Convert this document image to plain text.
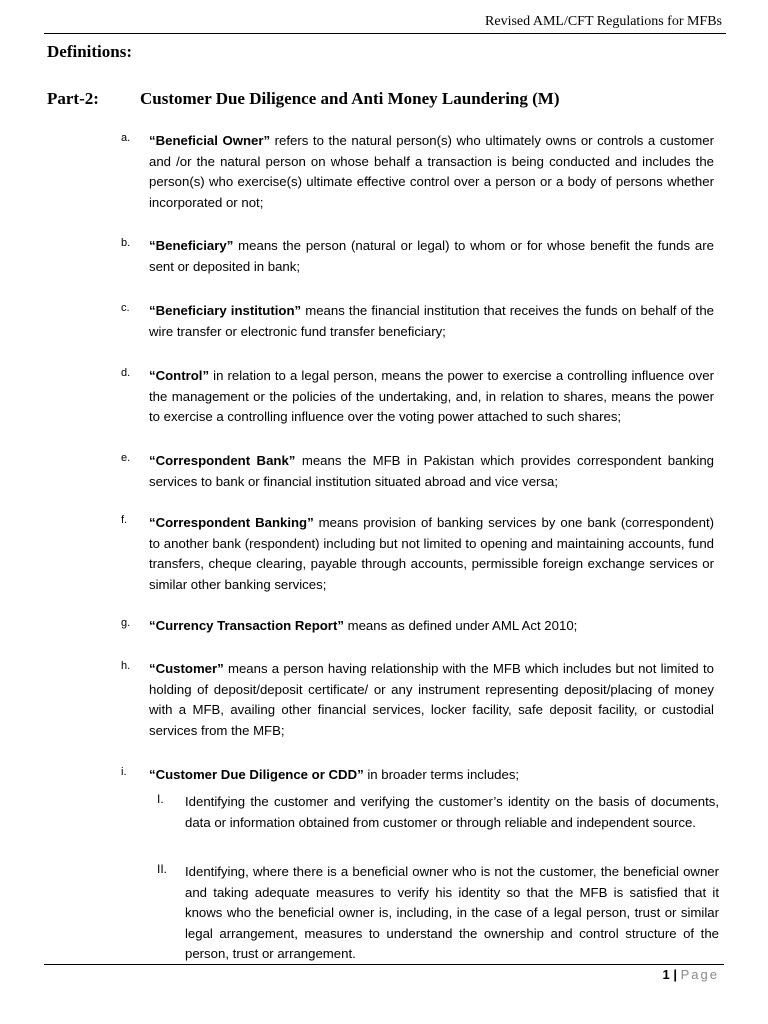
Revised AML/CFT Regulations for MFBs
Definitions:
Part-2: Customer Due Diligence and Anti Money Laundering (M)
a. “Beneficial Owner” refers to the natural person(s) who ultimately owns or controls a customer and /or the natural person on whose behalf a transaction is being conducted and includes the person(s) who exercise(s) ultimate effective control over a person or a body of persons whether incorporated or not;
b. “Beneficiary” means the person (natural or legal) to whom or for whose benefit the funds are sent or deposited in bank;
c. “Beneficiary institution” means the financial institution that receives the funds on behalf of the wire transfer or electronic fund transfer beneficiary;
d. “Control” in relation to a legal person, means the power to exercise a controlling influence over the management or the policies of the undertaking, and, in relation to shares, means the power to exercise a controlling influence over the voting power attached to such shares;
e. “Correspondent Bank” means the MFB in Pakistan which provides correspondent banking services to bank or financial institution situated abroad and vice versa;
f. “Correspondent Banking” means provision of banking services by one bank (correspondent) to another bank (respondent) including but not limited to opening and maintaining accounts, fund transfers, cheque clearing, payable through accounts, permissible foreign exchange services or similar other banking services;
g. “Currency Transaction Report” means as defined under AML Act 2010;
h. “Customer” means a person having relationship with the MFB which includes but not limited to holding of deposit/deposit certificate/ or any instrument representing deposit/placing of money with a MFB, availing other financial services, locker facility, safe deposit facility, or custodial services from the MFB;
i. “Customer Due Diligence or CDD” in broader terms includes;
I. Identifying the customer and verifying the customer’s identity on the basis of documents, data or information obtained from customer or through reliable and independent source.
II. Identifying, where there is a beneficial owner who is not the customer, the beneficial owner and taking adequate measures to verify his identity so that the MFB is satisfied that it knows who the beneficial owner is, including, in the case of a legal person, trust or similar legal arrangement, measures to understand the ownership and control structure of the person, trust or arrangement.
1 | Page
